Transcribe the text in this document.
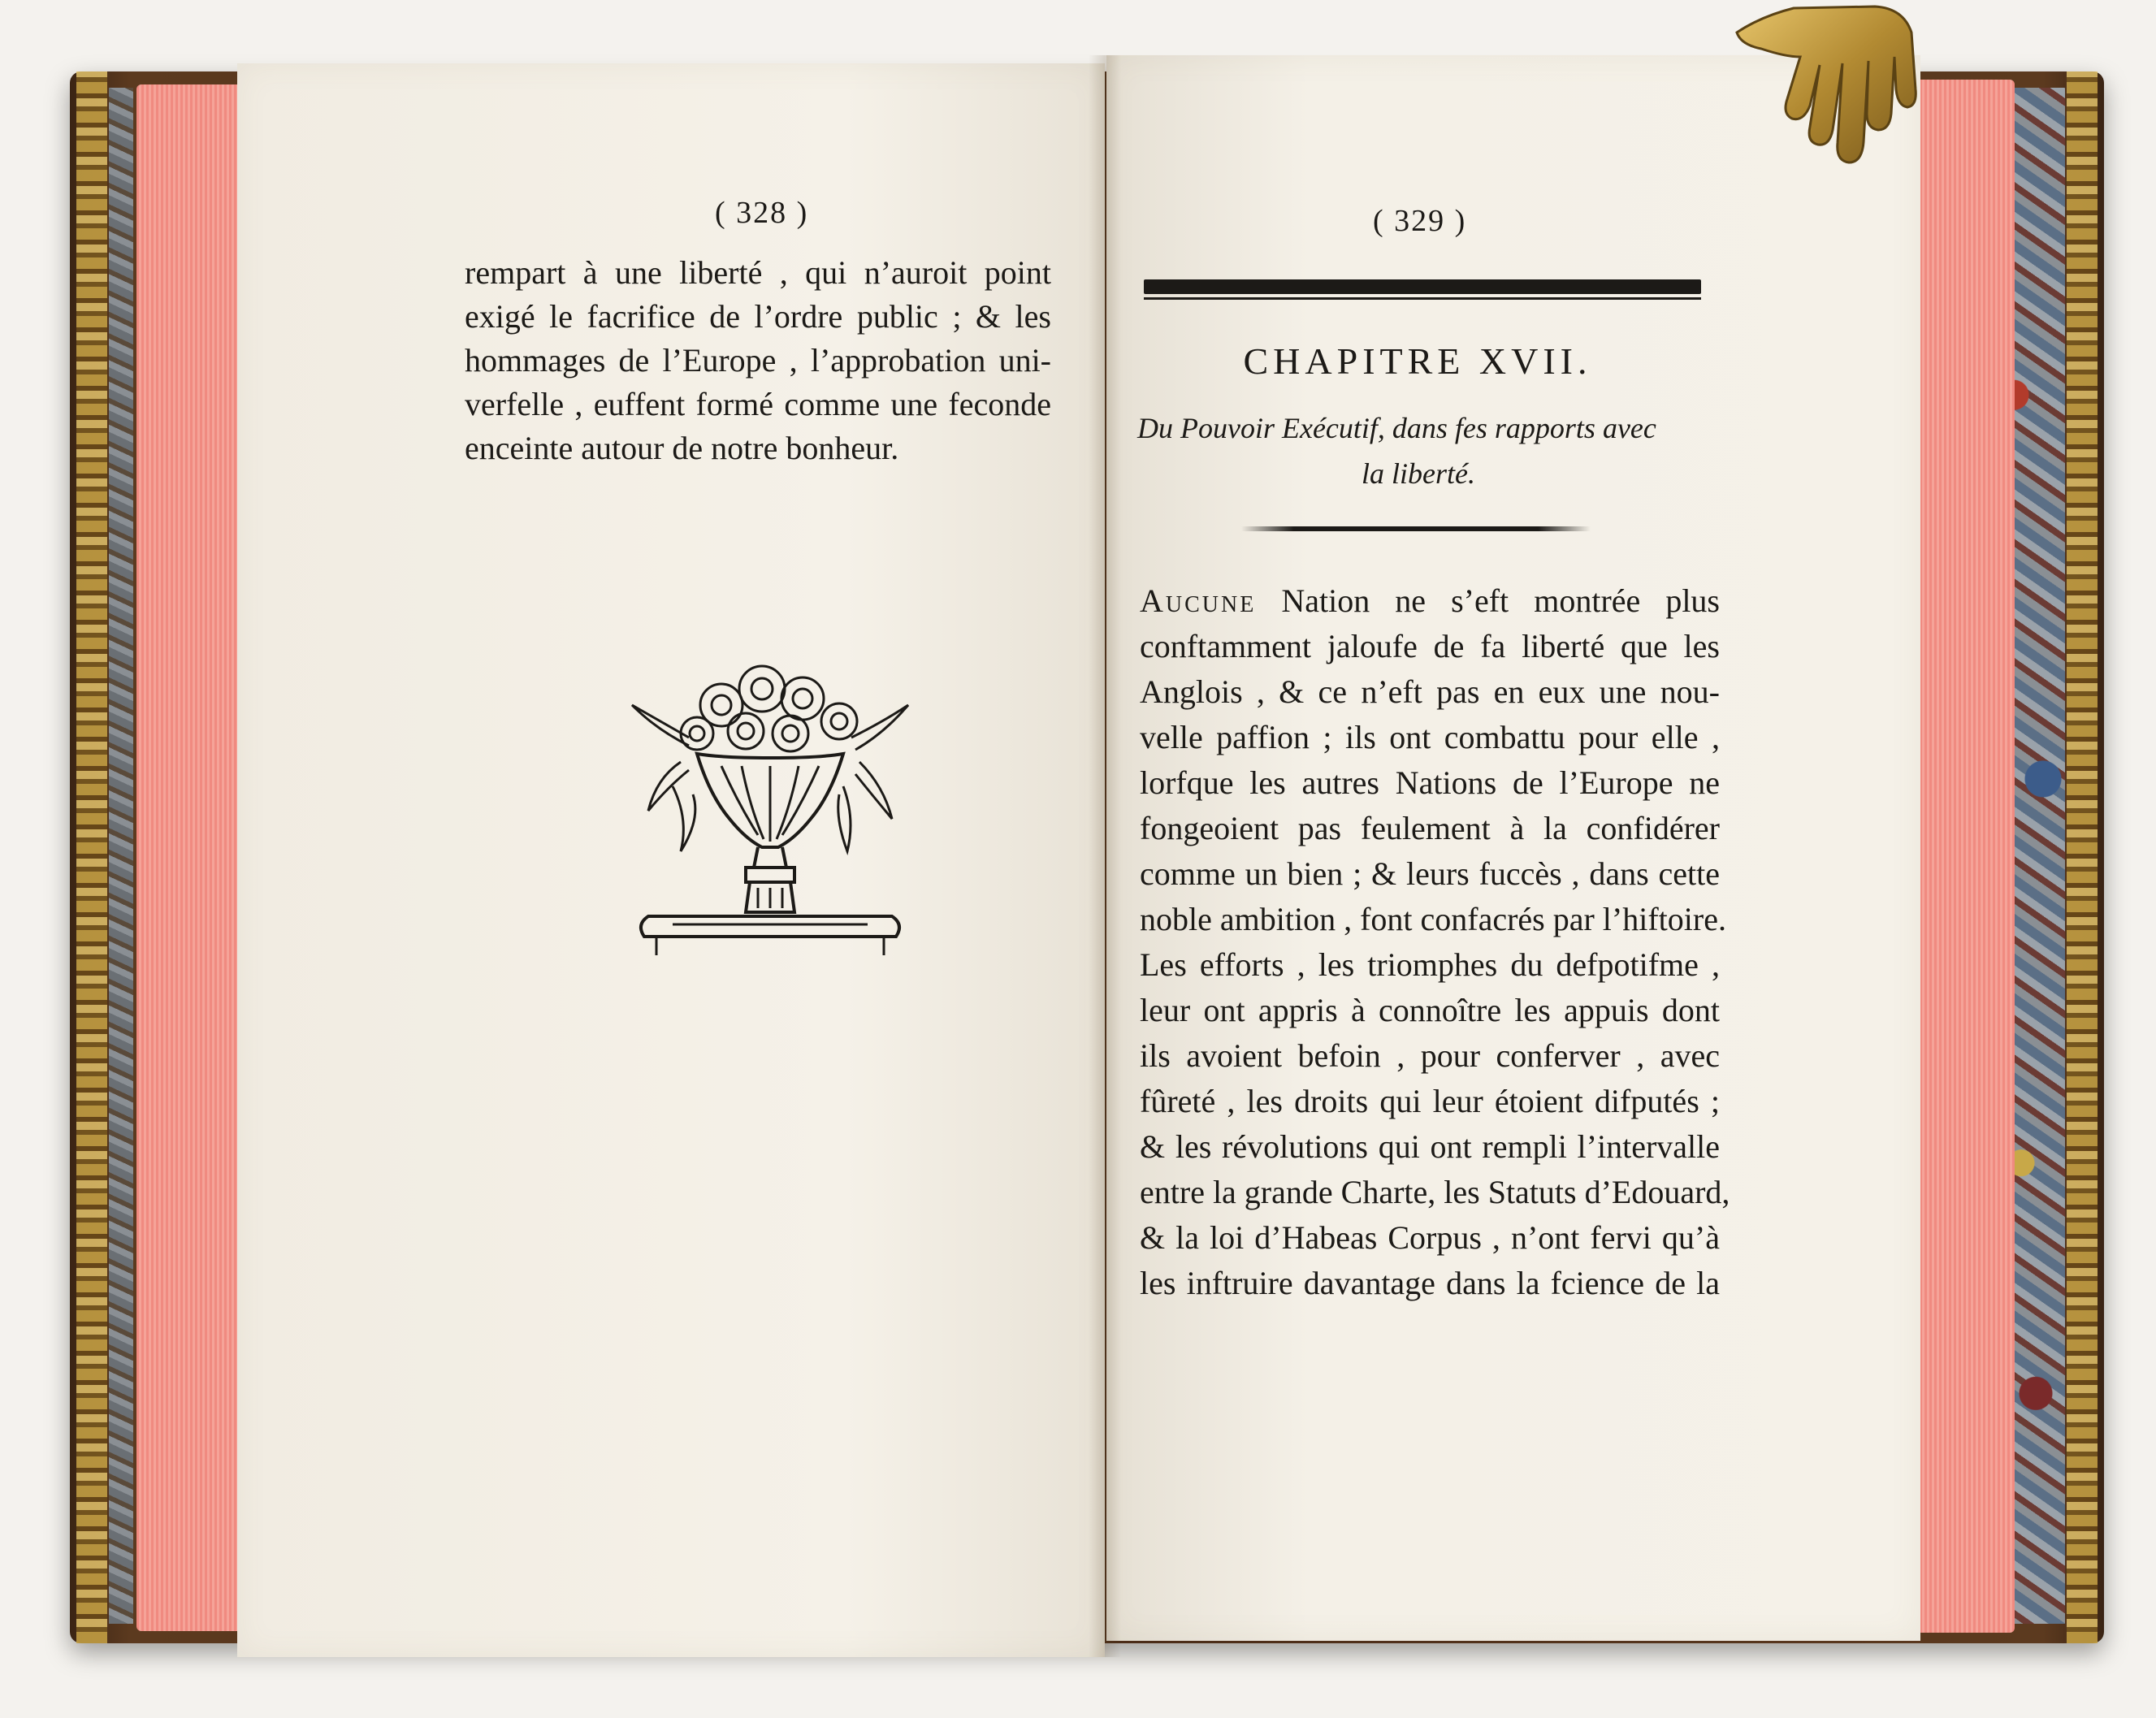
( 328 )
rempart à une liberté , qui n’auroit point
exigé le facrifice de l’ordre public ; & les
hommages de l’Europe , l’approbation uni-
verfelle , euffent formé comme une feconde
enceinte autour de notre bonheur.
( 329 )
CHAPITRE XVII.
Du Pouvoir Exécutif, dans fes rapports avec
la liberté.
Aucune Nation ne s’eft montrée plus
conftamment jaloufe de fa liberté que les
Anglois , & ce n’eft pas en eux une nou-
velle paffion ; ils ont combattu pour elle ,
lorfque les autres Nations de l’Europe ne
fongeoient pas feulement à la confidérer
comme un bien ; & leurs fuccès , dans cette
noble ambition , font confacrés par l’hiftoire.
Les efforts , les triomphes du defpotifme ,
leur ont appris à connoître les appuis dont
ils avoient befoin , pour conferver , avec
fûreté , les droits qui leur étoient difputés ;
& les révolutions qui ont rempli l’intervalle
entre la grande Charte, les Statuts d’Edouard,
& la loi d’Habeas Corpus , n’ont fervi qu’à
les inftruire davantage dans la fcience de la
